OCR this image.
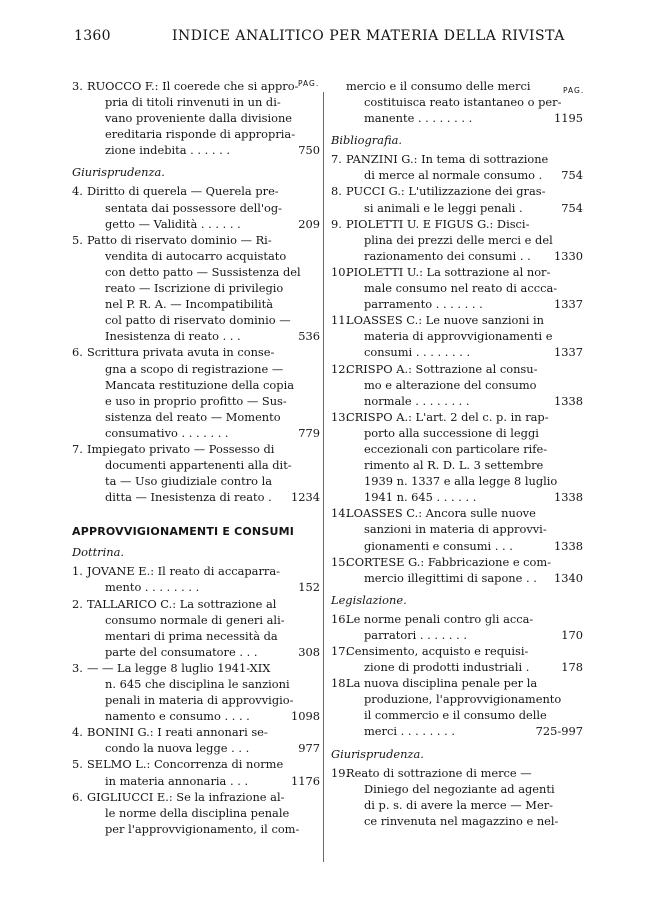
1360	INDICE ANALITICO PER MATERIA DELLA RIVISTA
PAG.
PAG.
3. RUOCCO F.: Il coerede che si appro-
pria di titoli rinvenuti in un di-
vano proveniente dalla divisione
ereditaria risponde di appropria-
zione indebita . . . . . .	750
Giurisprudenza.
4. Diritto di querela — Querela pre-
sentata dai possessore dell'og-
getto — Validità . . . . . .	209
5. Patto di riservato dominio — Ri-
vendita di autocarro acquistato
con detto patto — Sussistenza del
reato — Iscrizione di privilegio
nel P. R. A. — Incompatibilità
col patto di riservato dominio —
Inesistenza di reato . . .	536
6. Scrittura privata avuta in conse-
gna a scopo di registrazione —
Mancata restituzione della copia
e uso in proprio profitto — Sus-
sistenza del reato — Momento
consumativo . . . . . . .	779
7. Impiegato privato — Possesso di
documenti appartenenti alla dit-
ta — Uso giudiziale contro la
ditta — Inesistenza di reato .	1234
APPROVVIGIONAMENTI E CONSUMI
Dottrina.
1. JOVANE E.: Il reato di accaparra-
mento . . . . . . . .	152
2. TALLARICO C.: La sottrazione al
consumo normale di generi ali-
mentari di prima necessità da
parte del consumatore . . .	308
3. — — La legge 8 luglio 1941-XIX
n. 645 che disciplina le sanzioni
penali in materia di approvvigio-
namento e consumo . . . .	1098
4. BONINI G.: I reati annonari se-
condo la nuova legge . . .	977
5. SELMO L.: Concorrenza di norme
in materia annonaria . . .	1176
6. GIGLIUCCI E.: Se la infrazione al-
le norme della disciplina penale
per l'approvvigionamento, il com-
mercio e il consumo delle merci
costituisca reato istantaneo o per-
manente . . . . . . . .	1195
Bibliografia.
7. PANZINI G.: In tema di sottrazione
di merce al normale consumo .	754
8. PUCCI G.: L'utilizzazione dei gras-
si animali e le leggi penali .	754
9. PIOLETTI U. E FIGUS G.: Disci-
plina dei prezzi delle merci e del
razionamento dei consumi . .	1330
10.
PIOLETTI U.: La sottrazione al nor-
male consumo nel reato di accca-
parramento . . . . . . .	1337
11.
LOASSES C.: Le nuove sanzioni in
materia di approvvigionamenti e
consumi . . . . . . . .	1337
12.
CRISPO A.: Sottrazione al consu-
mo e alterazione del consumo
normale . . . . . . . .	1338
13.
CRISPO A.: L'art. 2 del c. p. in rap-
porto alla successione di leggi
eccezionali con particolare rife-
rimento al R. D. L. 3 settembre
1939 n. 1337 e alla legge 8 luglio
1941 n. 645 . . . . . .	1338
14.
LOASSES C.: Ancora sulle nuove
sanzioni in materia di approvvi-
gionamenti e consumi . . .	1338
15.
CORTESE G.: Fabbricazione e com-
mercio illegittimi di sapone . .	1340
Legislazione.
16.
Le norme penali contro gli acca-
parratori . . . . . . .	170
17.
Censimento, acquisto e requisi-
zione di prodotti industriali .	178
18.
La nuova disciplina penale per la
produzione, l'approvvigionamento
il commercio e il consumo delle
merci . . . . . . . .	725-997
Giurisprudenza.
19.
Reato di sottrazione di merce —
Diniego del negoziante ad agenti
di p. s. di avere la merce — Mer-
ce rinvenuta nel magazzino e nel-
